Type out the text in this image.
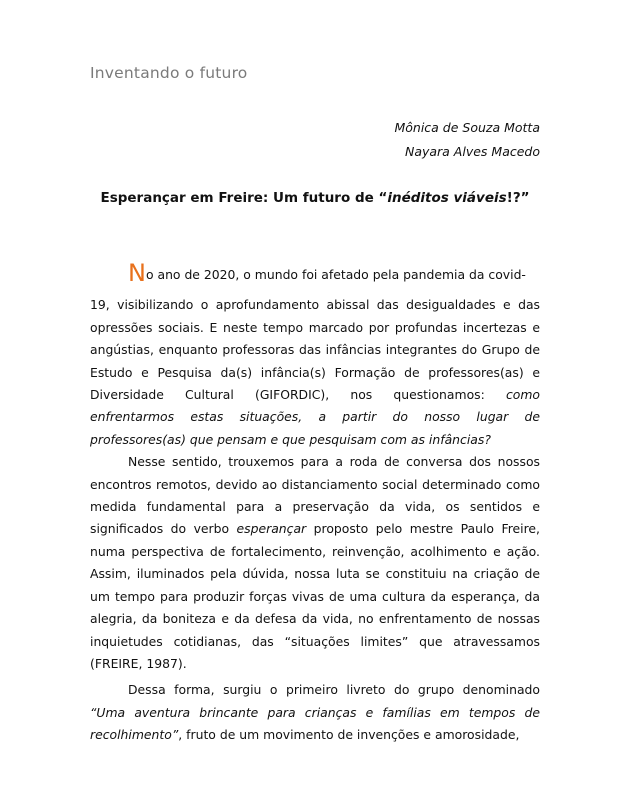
Inventando o futuro
Mônica de Souza Motta
Nayara Alves Macedo
Esperançar em Freire: Um futuro de “inéditos viáveis!?”

No ano de 2020, o mundo foi afetado pela pandemia da covid-

19, visibilizando o aprofundamento abissal das desigualdades e das opressões sociais. E neste tempo marcado por profundas incertezas e angústias, enquanto professoras das infâncias integrantes do Grupo de Estudo e Pesquisa da(s) infância(s) Formação de professores(as) e Diversidade Cultural (GIFORDIC), nos questionamos: como enfrentarmos estas situações, a partir do nosso lugar de professores(as) que pensam e que pesquisam com as infâncias?

Nesse sentido, trouxemos para a roda de conversa dos nossos encontros remotos, devido ao distanciamento social determinado como medida fundamental para a preservação da vida, os sentidos e significados do verbo esperançar proposto pelo mestre Paulo Freire, numa perspectiva de fortalecimento, reinvenção, acolhimento e ação. Assim, iluminados pela dúvida, nossa luta se constituiu na criação de um tempo para produzir forças vivas de uma cultura da esperança, da alegria, da boniteza e da defesa da vida, no enfrentamento de nossas inquietudes cotidianas, das “situações limites” que atravessamos (FREIRE, 1987).

Dessa forma, surgiu o primeiro livreto do grupo denominado “Uma aventura brincante para crianças e famílias em tempos de recolhimento”, fruto de um movimento de invenções e amorosidade,
